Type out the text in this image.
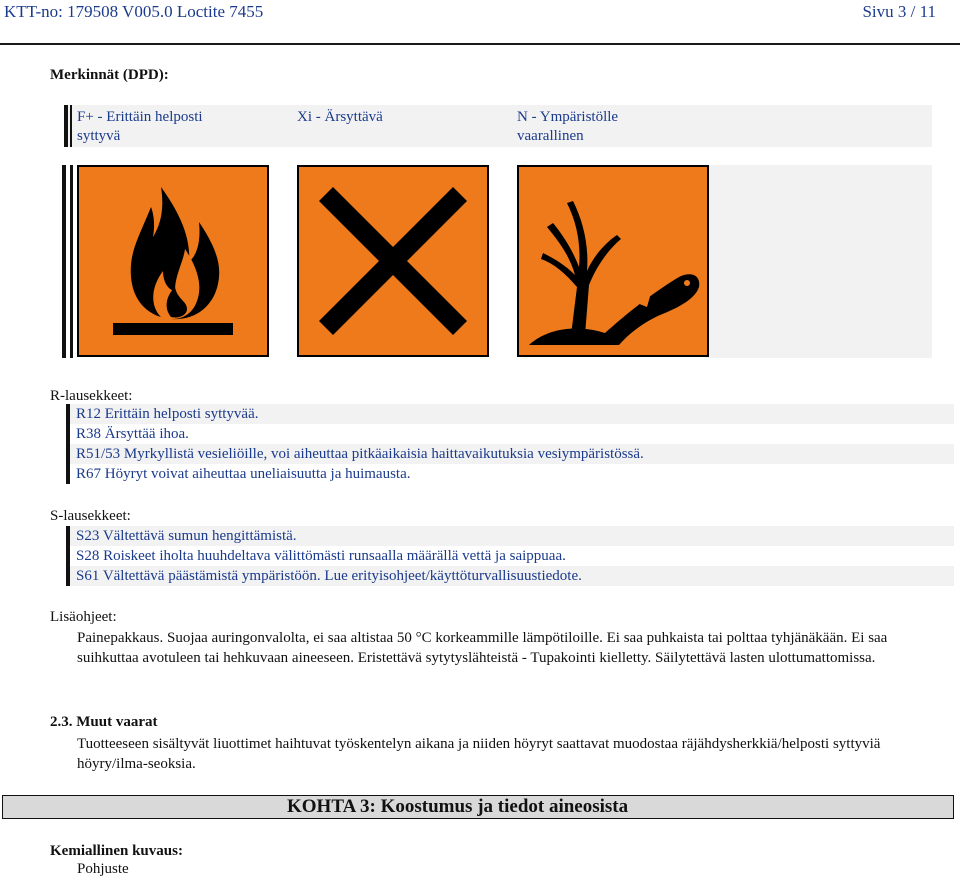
KTT-no: 179508 V005.0 Loctite 7455	Sivu 3 / 11
Merkinnät (DPD):
F+ - Erittäin helposti syttyvä
Xi - Ärsyttävä	N - Ympäristölle vaarallinen
R-lausekkeet:
R12 Erittäin helposti syttyvää.
R38 Ärsyttää ihoa.
R51/53 Myrkyllistä vesieliöille, voi aiheuttaa pitkäaikaisia haittavaikutuksia vesiympäristössä.
R67 Höyryt voivat aiheuttaa uneliaisuutta ja huimausta.
S-lausekkeet:
S23 Vältettävä sumun hengittämistä.
S28 Roiskeet iholta huuhdeltava välittömästi runsaalla määrällä vettä ja saippuaa.
S61 Vältettävä päästämistä ympäristöön. Lue erityisohjeet/käyttöturvallisuustiedote.
Lisäohjeet:
Painepakkaus. Suojaa auringonvalolta, ei saa altistaa 50 °C korkeammille lämpötiloille. Ei saa puhkaista tai polttaa tyhjänäkään. Ei saa suihkuttaa avotuleen tai hehkuvaan aineeseen. Eristettävä sytytyslähteistä - Tupakointi kielletty. Säilytettävä lasten ulottumattomissa.
2.3. Muut vaarat
Tuotteeseen sisältyvät liuottimet haihtuvat työskentelyn aikana ja niiden höyryt saattavat muodostaa räjähdysherkkiä/helposti syttyviä höyry/ilma-seoksia.
KOHTA 3: Koostumus ja tiedot aineosista
Kemiallinen kuvaus:
Pohjuste
